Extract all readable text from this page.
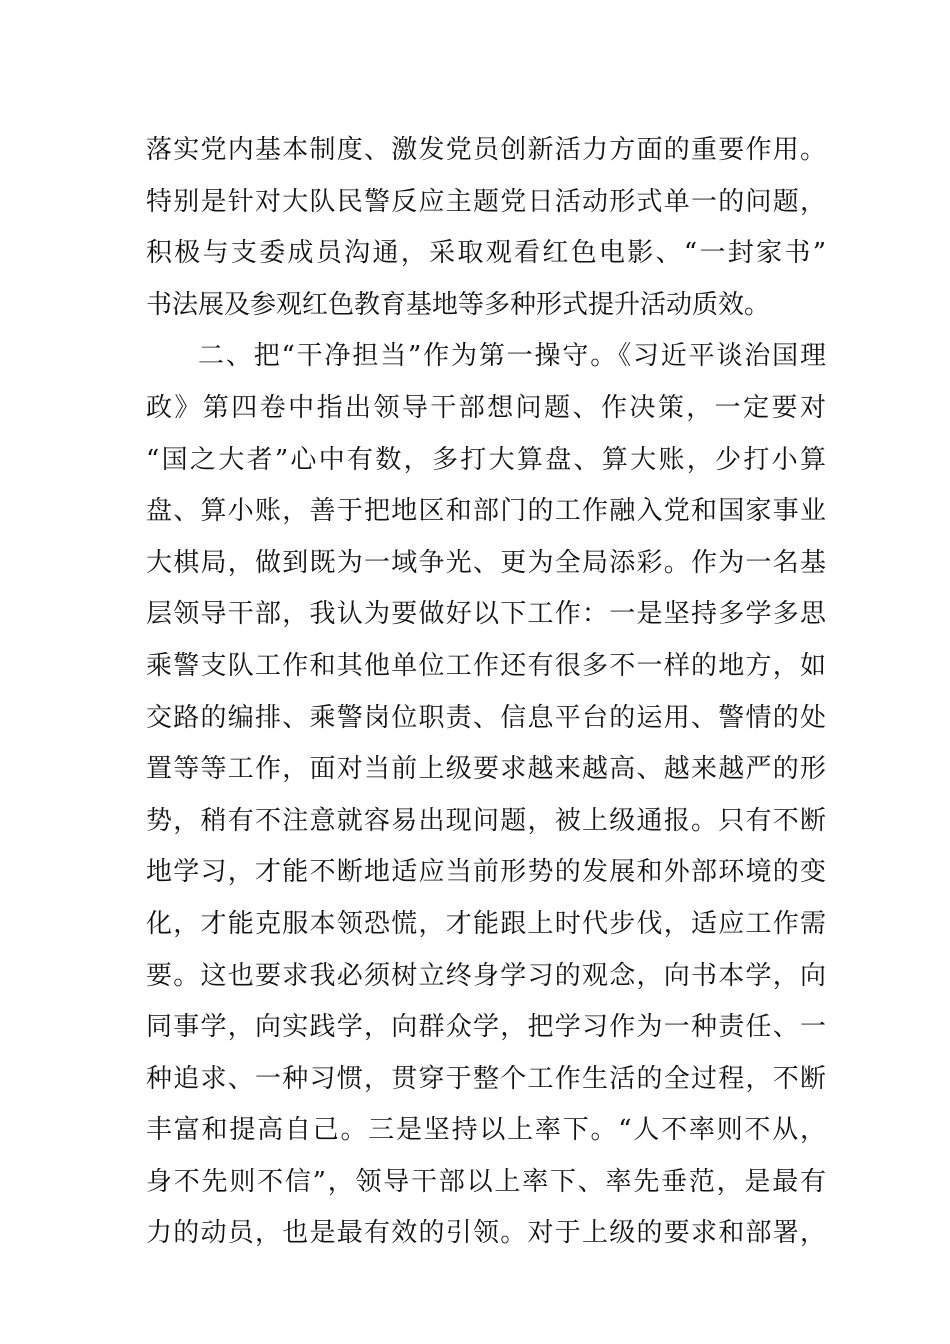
落实党内基本制度、激发党员创新活力方面的重要作用。
特别是针对大队民警反应主题党日活动形式单一的问题，
积极与支委成员沟通，采取观看红色电影、“一封家书”
书法展及参观红色教育基地等多种形式提升活动质效。
二、把“干净担当”作为第一操守。《习近平谈治国理
政》第四卷中指出领导干部想问题、作决策，一定要对
“国之大者”心中有数，多打大算盘、算大账，少打小算
盘、算小账，善于把地区和部门的工作融入党和国家事业
大棋局，做到既为一域争光、更为全局添彩。作为一名基
层领导干部，我认为要做好以下工作：一是坚持多学多思
乘警支队工作和其他单位工作还有很多不一样的地方，如
交路的编排、乘警岗位职责、信息平台的运用、警情的处
置等等工作，面对当前上级要求越来越高、越来越严的形
势，稍有不注意就容易出现问题，被上级通报。只有不断
地学习，才能不断地适应当前形势的发展和外部环境的变
化，才能克服本领恐慌，才能跟上时代步伐，适应工作需
要。这也要求我必须树立终身学习的观念，向书本学，向
同事学，向实践学，向群众学，把学习作为一种责任、一
种追求、一种习惯，贯穿于整个工作生活的全过程，不断
丰富和提高自己。三是坚持以上率下。“人不率则不从，
身不先则不信”，领导干部以上率下、率先垂范，是最有
力的动员，也是最有效的引领。对于上级的要求和部署，
